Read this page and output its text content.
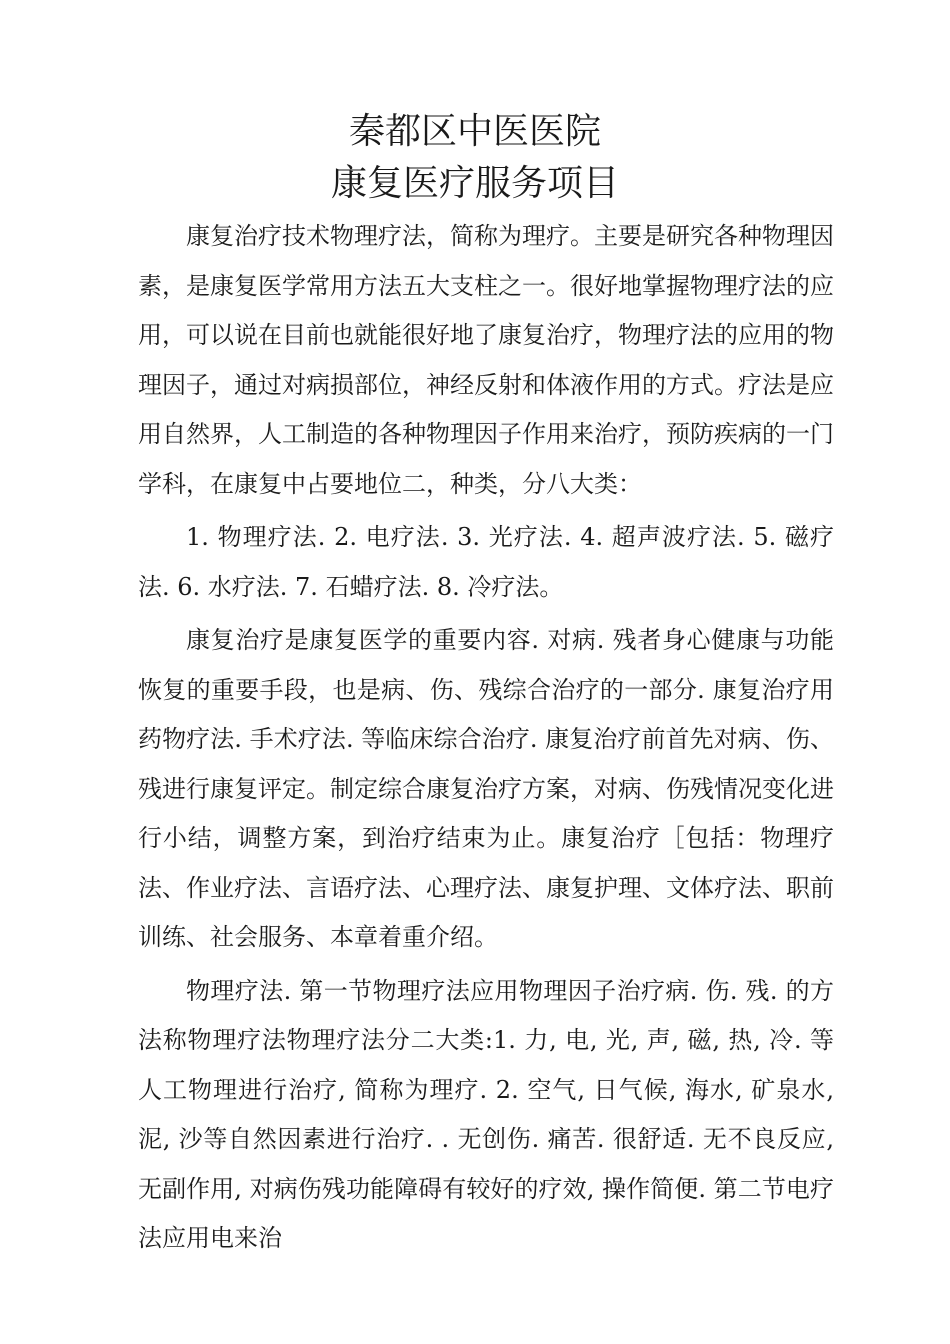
秦都区中医医院
康复医疗服务项目

康复治疗技术物理疗法，简称为理疗。主要是研究各种物理因素，是康复医学常用方法五大支柱之一。很好地掌握物理疗法的应用，可以说在目前也就能很好地了康复治疗，物理疗法的应用的物理因子，通过对病损部位，神经反射和体液作用的方式。疗法是应用自然界，人工制造的各种物理因子作用来治疗，预防疾病的一门学科，在康复中占要地位二，种类，分八大类：

1. 物理疗法. 2. 电疗法. 3. 光疗法. 4. 超声波疗法. 5. 磁疗法. 6. 水疗法. 7. 石蜡疗法. 8. 冷疗法。

康复治疗是康复医学的重要内容. 对病. 残者身心健康与功能恢复的重要手段，也是病、伤、残综合治疗的一部分. 康复治疗用药物疗法. 手术疗法. 等临床综合治疗. 康复治疗前首先对病、伤、残进行康复评定。制定综合康复治疗方案，对病、伤残情况变化进行小结，调整方案，到治疗结束为止。康复治疗［包括：物理疗法、作业疗法、言语疗法、心理疗法、康复护理、文体疗法、职前训练、社会服务、本章着重介绍。

物理疗法. 第一节物理疗法应用物理因子治疗病. 伤. 残. 的方法称物理疗法物理疗法分二大类:1. 力, 电, 光, 声, 磁, 热, 冷. 等人工物理进行治疗, 简称为理疗. 2. 空气, 日气候, 海水, 矿泉水, 泥, 沙等自然因素进行治疗. . 无创伤. 痛苦. 很舒适. 无不良反应, 无副作用, 对病伤残功能障碍有较好的疗效, 操作简便. 第二节电疗法应用电来治
